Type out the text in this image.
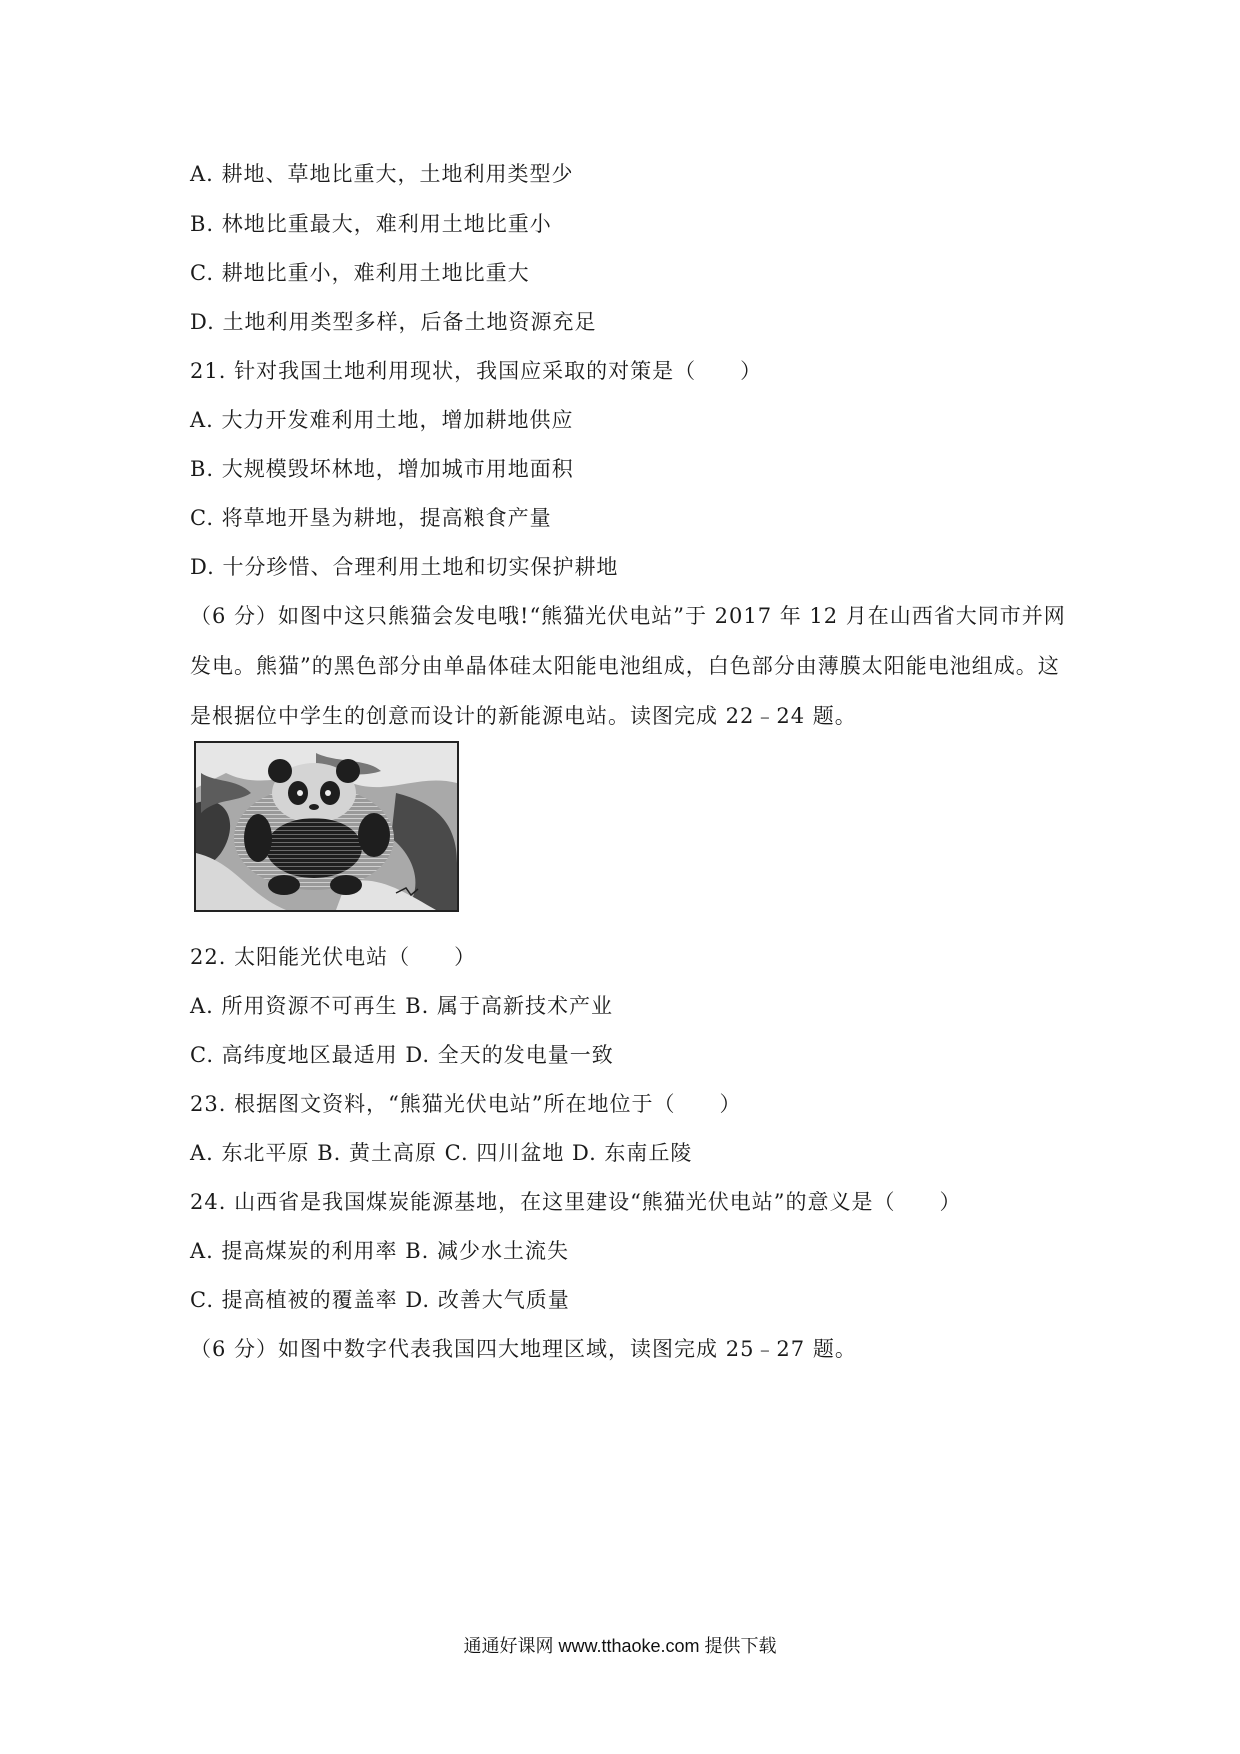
A. 耕地、草地比重大，土地利用类型少
B. 林地比重最大，难利用土地比重小
C. 耕地比重小，难利用土地比重大
D. 土地利用类型多样，后备土地资源充足
21. 针对我国土地利用现状，我国应采取的对策是（　　）
A. 大力开发难利用土地，增加耕地供应
B. 大规模毁坏林地，增加城市用地面积
C. 将草地开垦为耕地，提高粮食产量
D. 十分珍惜、合理利用土地和切实保护耕地
（6 分）如图中这只熊猫会发电哦!“熊猫光伏电站”于 2017 年 12 月在山西省大同市并网
发电。熊猫”的黑色部分由单晶体硅太阳能电池组成，白色部分由薄膜太阳能电池组成。这
是根据位中学生的创意而设计的新能源电站。读图完成 22﹣24 题。
22. 太阳能光伏电站（　　）
A. 所用资源不可再生 B. 属于高新技术产业
C. 高纬度地区最适用 D. 全天的发电量一致
23. 根据图文资料，“熊猫光伏电站”所在地位于（　　）
A. 东北平原 B. 黄土高原 C. 四川盆地 D. 东南丘陵
24. 山西省是我国煤炭能源基地，在这里建设“熊猫光伏电站”的意义是（　　）
A. 提高煤炭的利用率 B. 减少水土流失
C. 提高植被的覆盖率 D. 改善大气质量
（6 分）如图中数字代表我国四大地理区域，读图完成 25﹣27 题。
通通好课网 www.tthaoke.com 提供下载
